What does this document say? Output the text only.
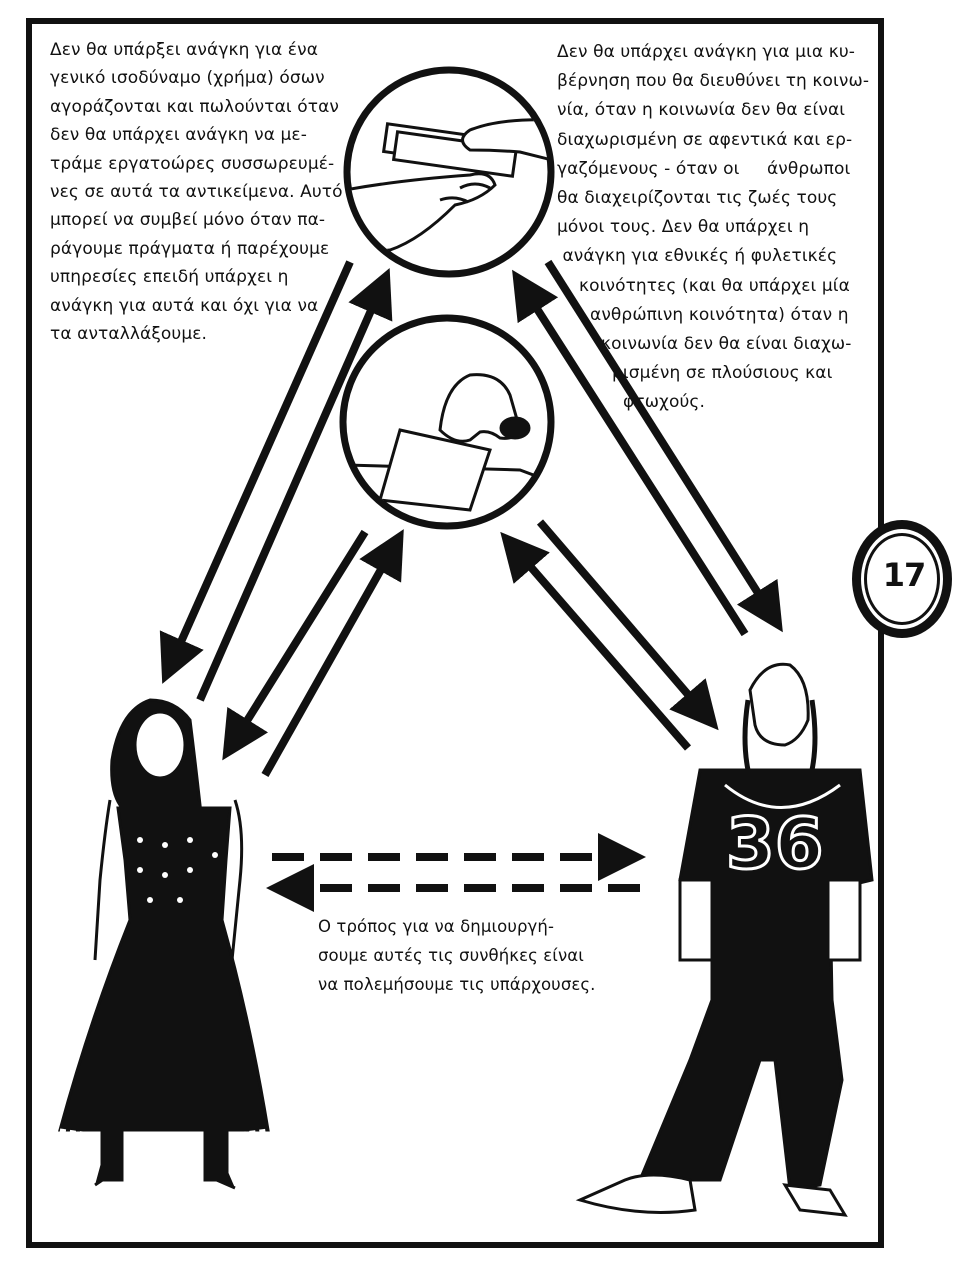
36
Δεν θα υπάρξει ανάγκη για ένα
γενικό ισοδύναμο (χρήμα) όσων
αγοράζονται και πωλούνται όταν
δεν θα υπάρχει ανάγκη να με-
τράμε εργατοώρες συσσωρευμέ-
νες σε αυτά τα αντικείμενα. Αυτό
μπορεί να συμβεί μόνο όταν πα-
ράγουμε πράγματα ή παρέχουμε
υπηρεσίες επειδή υπάρχει η
ανάγκη για αυτά και όχι για να
τα ανταλλάξουμε.
Δεν θα υπάρχει ανάγκη για μια κυ-
βέρνηση που θα διευθύνει τη κοινω-
νία, όταν η κοινωνία δεν θα είναι
διαχωρισμένη σε αφεντικά και ερ-
γαζόμενους - όταν οι     άνθρωποι
θα διαχειρίζονται τις ζωές τους
μόνοι τους. Δεν θα υπάρχει η
ανάγκη για εθνικές ή φυλετικές
κοινότητες (και θα υπάρχει μία
ανθρώπινη κοινότητα) όταν η
κοινωνία δεν θα είναι διαχω-
ρισμένη σε πλούσιους και
φτωχούς.
Ο τρόπος για να δημιουργή-
σουμε αυτές τις συνθήκες είναι
να πολεμήσουμε τις υπάρχουσες.
17
